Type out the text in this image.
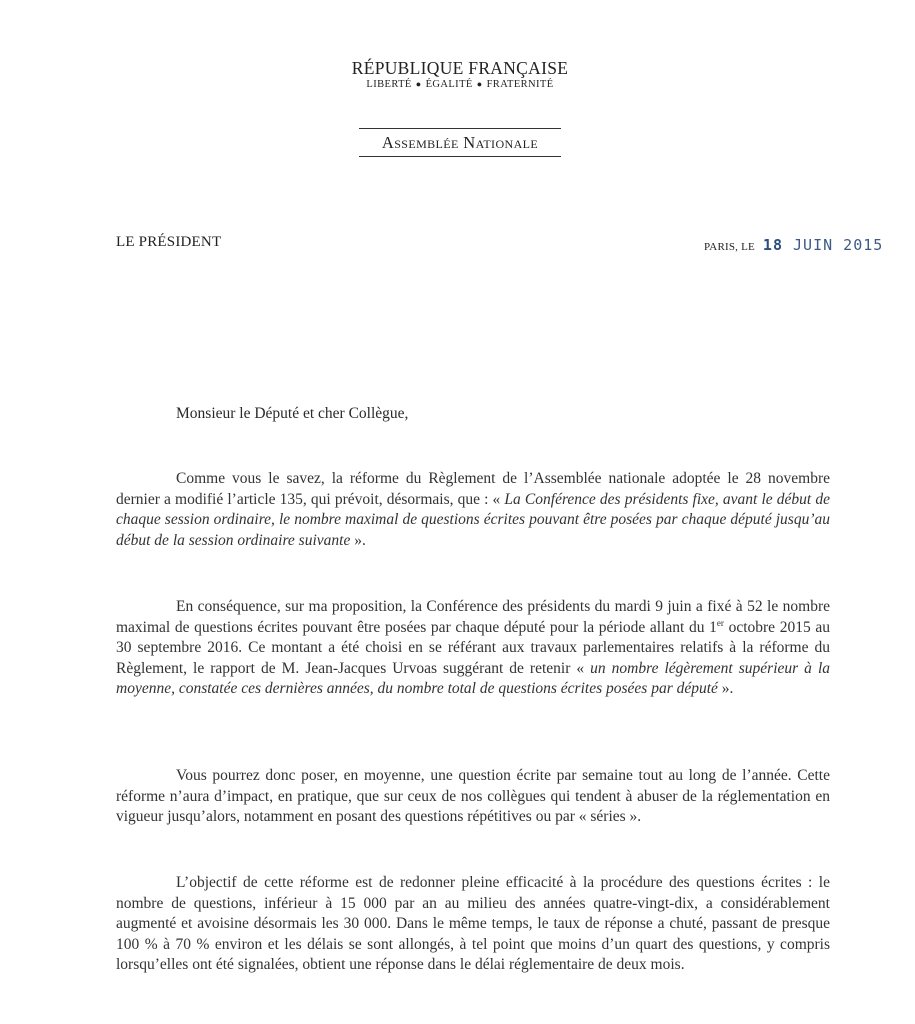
RÉPUBLIQUE FRANÇAISE
LIBERTÉ ● ÉGALITÉ ● FRATERNITÉ
Assemblée Nationale
LE PRÉSIDENT	PARIS, LE 18 JUIN 2015
Monsieur le Député et cher Collègue,

Comme vous le savez, la réforme du Règlement de l’Assemblée nationale adoptée le 28 novembre dernier a modifié l’article 135, qui prévoit, désormais, que : « La Conférence des présidents fixe, avant le début de chaque session ordinaire, le nombre maximal de questions écrites pouvant être posées par chaque député jusqu’au début de la session ordinaire suivante ».

En conséquence, sur ma proposition, la Conférence des présidents du mardi 9 juin a fixé à 52 le nombre maximal de questions écrites pouvant être posées par chaque député pour la période allant du 1er octobre 2015 au 30 septembre 2016. Ce montant a été choisi en se référant aux travaux parlementaires relatifs à la réforme du Règlement, le rapport de M. Jean-Jacques Urvoas suggérant de retenir « un nombre légèrement supérieur à la moyenne, constatée ces dernières années, du nombre total de questions écrites posées par député ».

Vous pourrez donc poser, en moyenne, une question écrite par semaine tout au long de l’année. Cette réforme n’aura d’impact, en pratique, que sur ceux de nos collègues qui tendent à abuser de la réglementation en vigueur jusqu’alors, notamment en posant des questions répétitives ou par « séries ».

L’objectif de cette réforme est de redonner pleine efficacité à la procédure des questions écrites : le nombre de questions, inférieur à 15 000 par an au milieu des années quatre-vingt-dix, a considérablement augmenté et avoisine désormais les 30 000. Dans le même temps, le taux de réponse a chuté, passant de presque 100 % à 70 % environ et les délais se sont allongés, à tel point que moins d’un quart des questions, y compris lorsqu’elles ont été signalées, obtient une réponse dans le délai réglementaire de deux mois.
